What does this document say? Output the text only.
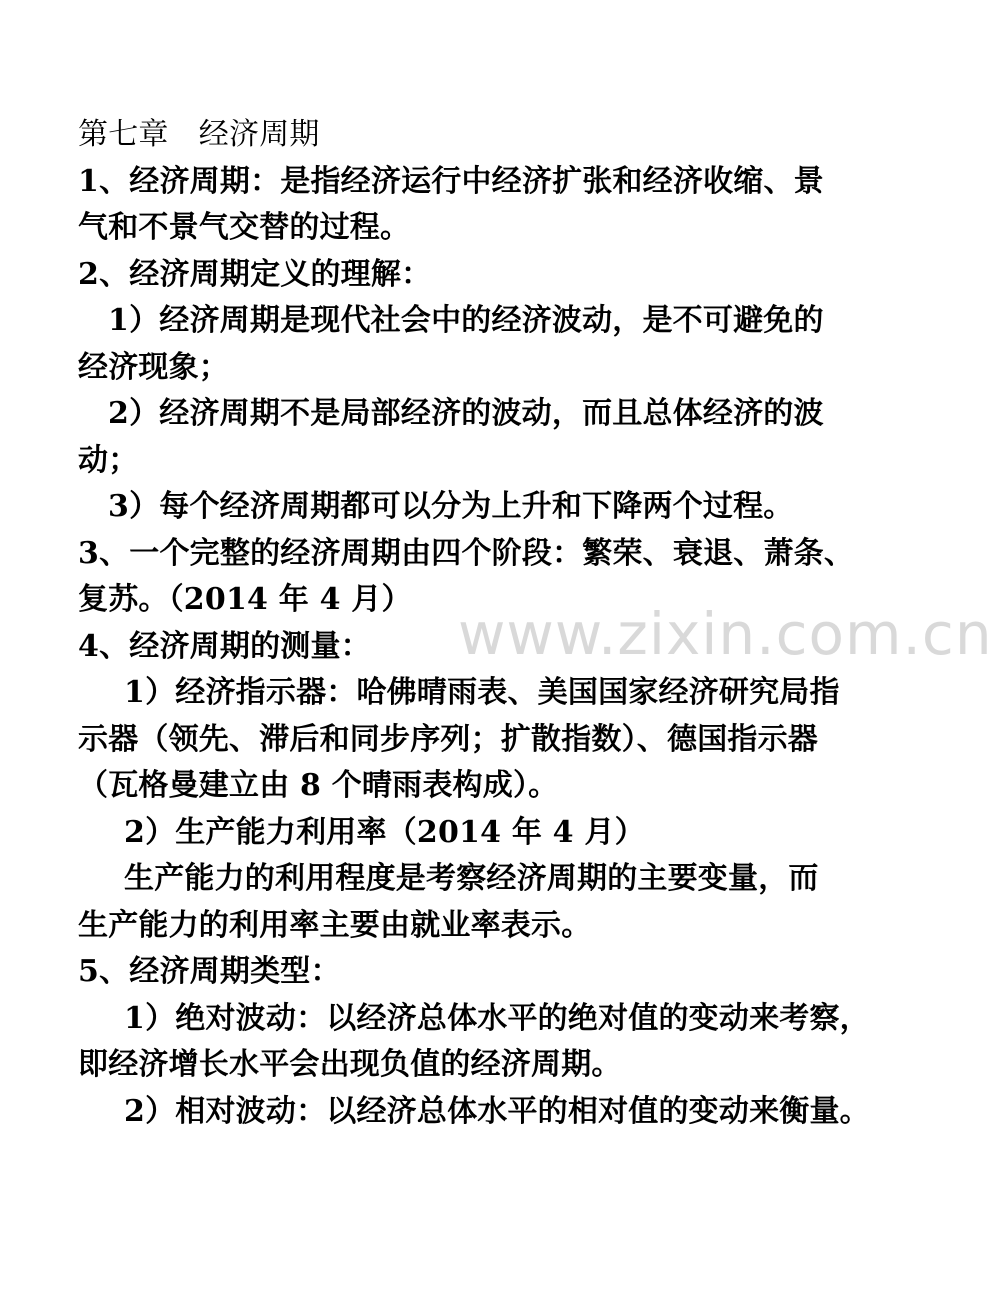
www.zixin.com.cn
第七章　经济周期
1、经济周期：是指经济运行中经济扩张和经济收缩、景
气和不景气交替的过程。
2、经济周期定义的理解：
1）经济周期是现代社会中的经济波动，是不可避免的
经济现象；
2）经济周期不是局部经济的波动，而且总体经济的波
动；
3）每个经济周期都可以分为上升和下降两个过程。
3、一个完整的经济周期由四个阶段：繁荣、衰退、萧条、
复苏。（2014 年 4 月）
4、经济周期的测量：
1）经济指示器：哈佛晴雨表、美国国家经济研究局指
示器（领先、滞后和同步序列；扩散指数）、德国指示器
（瓦格曼建立由 8 个晴雨表构成）。
2）生产能力利用率（2014 年 4 月）
生产能力的利用程度是考察经济周期的主要变量，而
生产能力的利用率主要由就业率表示。
5、经济周期类型：
1）绝对波动：以经济总体水平的绝对值的变动来考察，
即经济增长水平会出现负值的经济周期。
2）相对波动：以经济总体水平的相对值的变动来衡量。
